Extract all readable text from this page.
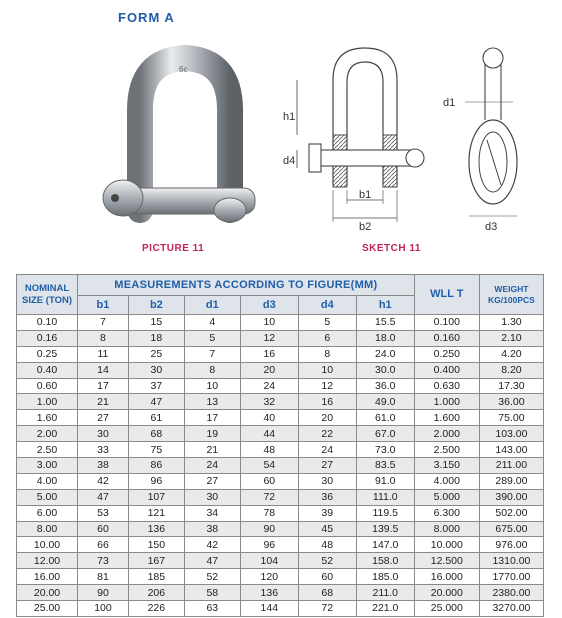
FORM A
6c
h1
d4
b1
b2
d1
d3
PICTURE 11	SKETCH 11
NOMINAL SIZE (TON)	MEASUREMENTS ACCORDING TO FIGURE(MM)						WLL T	WEIGHT KG/100PCS
	b1	b2	d1	d3	d4	h1		
0.10	7	15	4	10	5	15.5	0.100	1.30
0.16	8	18	5	12	6	18.0	0.160	2.10
0.25	11	25	7	16	8	24.0	0.250	4.20
0.40	14	30	8	20	10	30.0	0.400	8.20
0.60	17	37	10	24	12	36.0	0.630	17.30
1.00	21	47	13	32	16	49.0	1.000	36.00
1.60	27	61	17	40	20	61.0	1.600	75.00
2.00	30	68	19	44	22	67.0	2.000	103.00
2.50	33	75	21	48	24	73.0	2.500	143.00
3.00	38	86	24	54	27	83.5	3.150	211.00
4.00	42	96	27	60	30	91.0	4.000	289.00
5.00	47	107	30	72	36	111.0	5.000	390.00
6.00	53	121	34	78	39	119.5	6.300	502.00
8.00	60	136	38	90	45	139.5	8.000	675.00
10.00	66	150	42	96	48	147.0	10.000	976.00
12.00	73	167	47	104	52	158.0	12.500	1310.00
16.00	81	185	52	120	60	185.0	16.000	1770.00
20.00	90	206	58	136	68	211.0	20.000	2380.00
25.00	100	226	63	144	72	221.0	25.000	3270.00
